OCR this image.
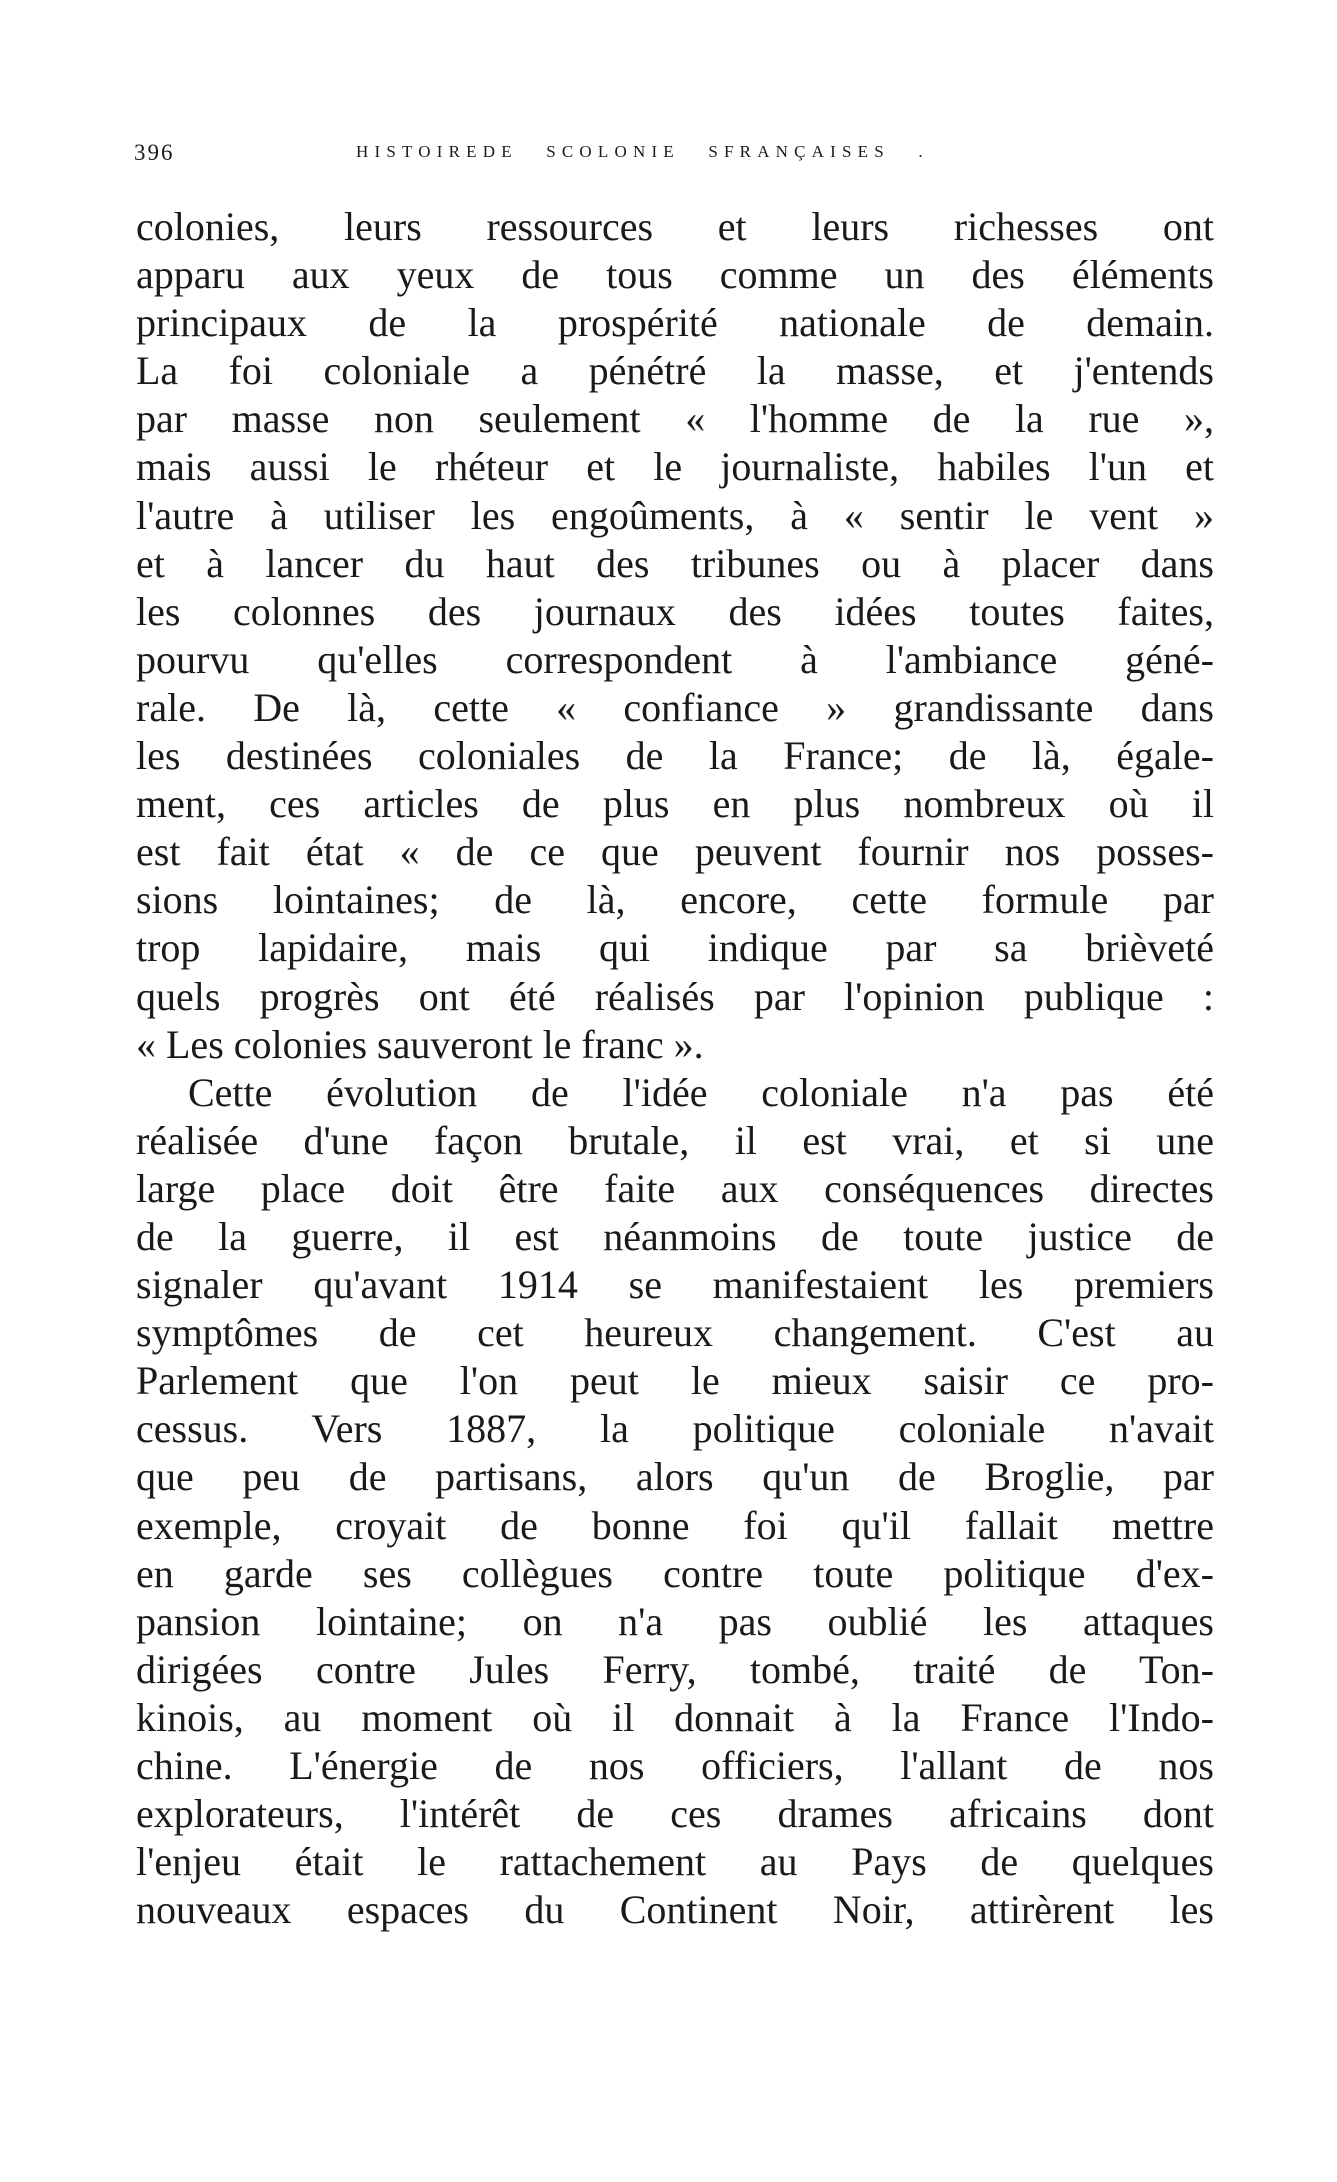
396	HISTOIREDE SCOLONIE SFRANÇAISES .
colonies, leurs ressources et leurs richesses ont
apparu aux yeux de tous comme un des éléments
principaux de la prospérité nationale de demain.
La foi coloniale a pénétré la masse, et j'entends
par masse non seulement « l'homme de la rue »,
mais aussi le rhéteur et le journaliste, habiles l'un et
l'autre à utiliser les engoûments, à « sentir le vent »
et à lancer du haut des tribunes ou à placer dans
les colonnes des journaux des idées toutes faites,
pourvu qu'elles correspondent à l'ambiance géné-
rale. De là, cette « confiance » grandissante dans
les destinées coloniales de la France; de là, égale-
ment, ces articles de plus en plus nombreux où il
est fait état « de ce que peuvent fournir nos posses-
sions lointaines; de là, encore, cette formule par
trop lapidaire, mais qui indique par sa brièveté
quels progrès ont été réalisés par l'opinion publique :
« Les colonies sauveront le franc ».
Cette évolution de l'idée coloniale n'a pas été
réalisée d'une façon brutale, il est vrai, et si une
large place doit être faite aux conséquences directes
de la guerre, il est néanmoins de toute justice de
signaler qu'avant 1914 se manifestaient les premiers
symptômes de cet heureux changement. C'est au
Parlement que l'on peut le mieux saisir ce pro-
cessus. Vers 1887, la politique coloniale n'avait
que peu de partisans, alors qu'un de Broglie, par
exemple, croyait de bonne foi qu'il fallait mettre
en garde ses collègues contre toute politique d'ex-
pansion lointaine; on n'a pas oublié les attaques
dirigées contre Jules Ferry, tombé, traité de Ton-
kinois, au moment où il donnait à la France l'Indo-
chine. L'énergie de nos officiers, l'allant de nos
explorateurs, l'intérêt de ces drames africains dont
l'enjeu était le rattachement au Pays de quelques
nouveaux espaces du Continent Noir, attirèrent les
